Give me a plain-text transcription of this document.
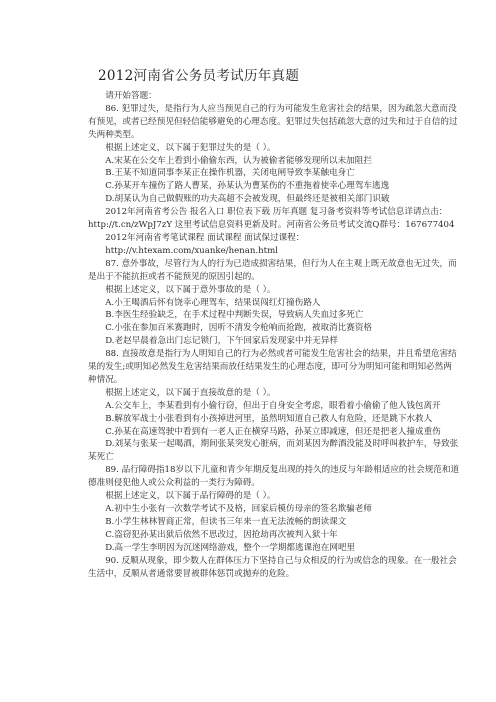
2012河南省公务员考试历年真题

请开始答题：

86. 犯罪过失，是指行为人应当预见自己的行为可能发生危害社会的结果，因为疏忽大意而没有预见，或者已经预见但轻信能够避免的心理态度。犯罪过失包括疏忽大意的过失和过于自信的过失两种类型。

根据上述定义，以下属于犯罪过失的是（ ）。

A.宋某在公交车上看到小偷偷东西，认为被偷者能够发现所以未加阻拦

B.王某不知道同事李某正在操作机器，关闭电闸导致李某触电身亡

C.孙某开车撞伤了路人曹某，孙某认为曹某伤的不重拖着使幸心理驾车逃逸

D.胡某认为自己做假账的功夫高超不会被发现，但最终还是被相关部门识破

2012年河南省考公告 报名入口 职位表下载 历年真题 复习备考资料等考试信息详请点击：http://t.cn/zWpJ7zY 这里考试信息资料更新及时。河南省公务员考试交流Q群号：167677404

2012年河南省考笔试课程 面试课程 面试保过课程：

http://v.htexam.com/xuanke/henan.html

87. 意外事故，尽管行为人的行为已造成损害结果，但行为人在主观上既无故意也无过失，而是出于不能抗拒或者不能预见的原因引起的。

根据上述定义，以下属于意外事故的是（ ）。

A.小王喝酒后怀有饶幸心理驾车，结果误闯红灯撞伤路人

B.李医生经验缺乏，在手术过程中判断失误，导致病人失血过多死亡

C.小张在参加百米赛跑时，因听不清发令枪响而抢跑，被取消比赛资格

D.老赵早晨着急出门忘记锁门，下午回家后发现家中并无异样

88. 直接故意是指行为人明知自己的行为必然或者可能发生危害社会的结果，并且希望危害结果的发生;或明知必然发生危害结果而放任结果发生的心理态度，即可分为明知可能和明知必然两种情况。

根据上述定义，以下属于直接故意的是（ ）。

A.公交车上，李某看到有小偷行窃，但出于自身安全考虑，眼看着小偷偷了他人钱包离开

B.解放军战士小张看到有小孩掉进河里，虽然明知道自己救人有危险，还是跳下水救人

C.孙某在高速驾驶中看到有一老人正在横穿马路，孙某立即减速，但还是把老人撞成重伤

D.刘某与张某一起喝酒，期间张某突发心脏病，而刘某因为醉酒没能及时呼叫救护车，导致张某死亡

89. 品行障碍指18岁以下儿童和青少年期反复出现的持久的违反与年龄相适应的社会规范和道德准则侵犯他人或公众利益的一类行为障碍。

根据上述定义，以下属于品行障碍的是（ ）。

A.初中生小张有一次数学考试不及格，回家后模仿母亲的签名欺骗老师

B.小学生林林智商正常，但读书三年来一直无法流畅的朗读课文

C.盗窃犯孙某出狱后依然不思改过，因抢劫再次被判入狱十年

D.高一学生李明因为沉迷网络游戏，整个一学期都逃课泡在网吧里

90. 反顺从现象，即少数人在群体压力下坚持自己与众相反的行为或信念的现象。在一般社会生活中，反顺从者通常要冒被群体惩罚或抛弃的危险。
